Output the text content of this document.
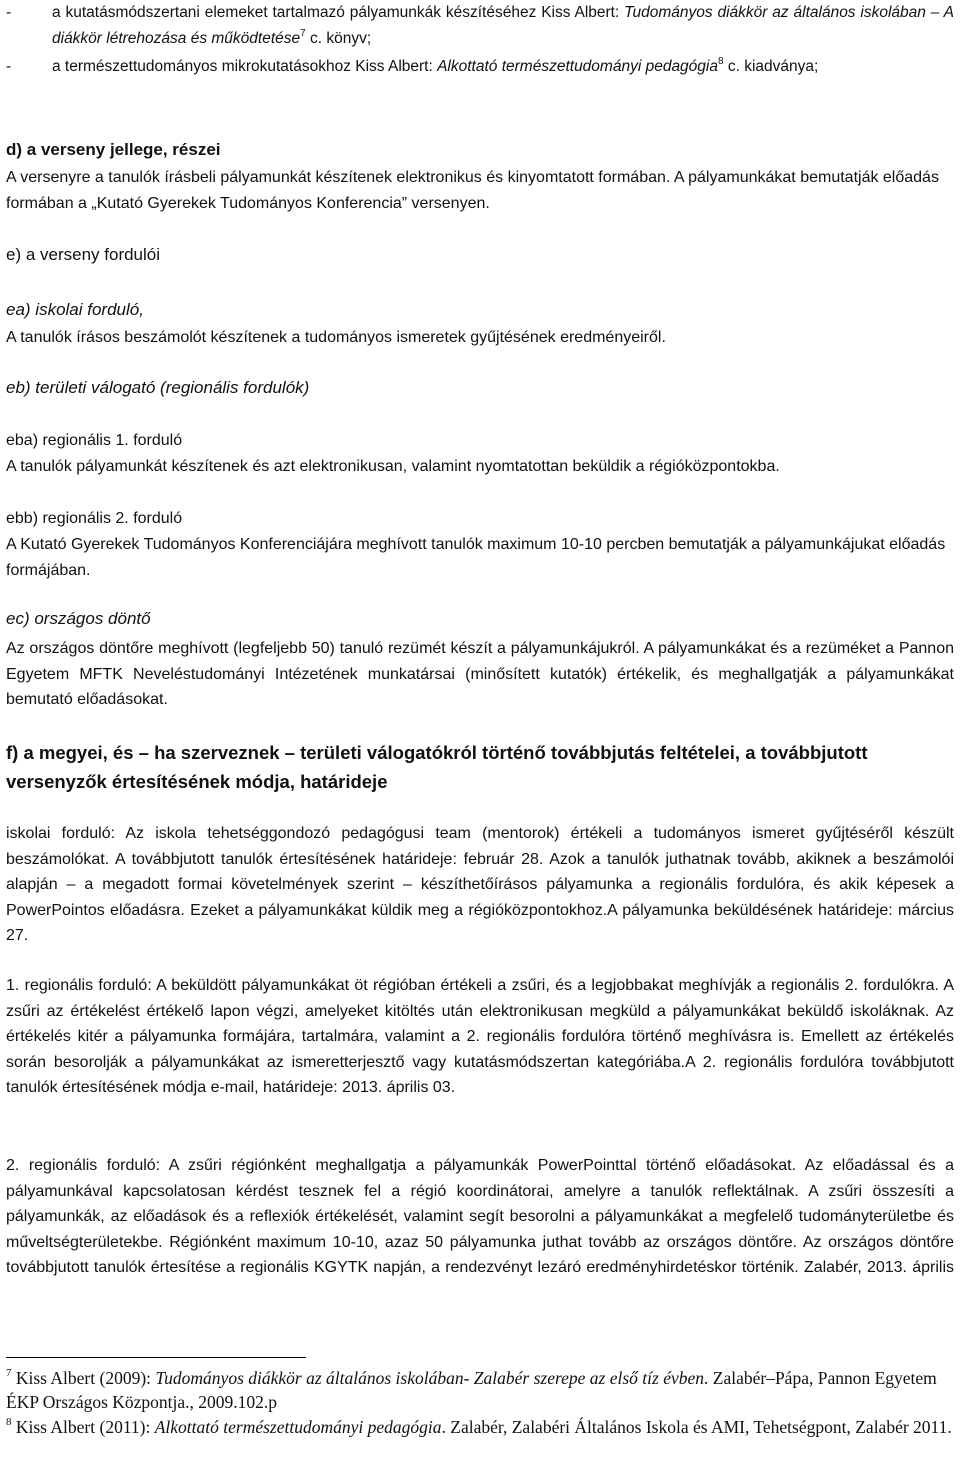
-	a kutatásmódszertani elemeket tartalmazó pályamunkák készítéséhez Kiss Albert: Tudományos diákkör az általános iskolában – A diákkör létrehozása és működtetése$^7$ c. könyv;
-	a természettudományos mikrokutatásokhoz Kiss Albert: Alkottató természettudományi pedagógia$^8$ c. kiadványa;
d) a verseny jellege, részei
A versenyre a tanulók írásbeli pályamunkát készítenek elektronikus és kinyomtatott formában. A pályamunkákat bemutatják előadás formában a „Kutató Gyerekek Tudományos Konferencia” versenyen.
e) a verseny fordulói
ea) iskolai forduló,
A tanulók írásos beszámolót készítenek a tudományos ismeretek gyűjtésének eredményeiről.
eb) területi válogató (regionális fordulók)
eba) regionális 1. forduló
A tanulók pályamunkát készítenek és azt elektronikusan, valamint nyomtatottan beküldik a régióközpontokba.
ebb) regionális 2. forduló
A Kutató Gyerekek Tudományos Konferenciájára meghívott tanulók maximum 10-10 percben bemutatják a pályamunkájukat előadás formájában.
ec) országos döntő
Az országos döntőre meghívott (legfeljebb 50) tanuló rezümét készít a pályamunkájukról. A pályamunkákat és a rezüméket a Pannon Egyetem MFTK Neveléstudományi Intézetének munkatársai (minősített kutatók) értékelik, és meghallgatják a pályamunkákat bemutató előadásokat.
f) a megyei, és – ha szerveznek – területi válogatókról történő továbbjutás feltételei, a továbbjutott versenyzők értesítésének módja, határideje
iskolai forduló: Az iskola tehetséggondozó pedagógusi team (mentorok) értékeli a tudományos ismeret gyűjtéséről készült beszámolókat. A továbbjutott tanulók értesítésének határideje: február 28. Azok a tanulók juthatnak tovább, akiknek a beszámolói alapján – a megadott formai követelmények szerint – készíthetőírásos pályamunka a regionális fordulóra, és akik képesek a PowerPointos előadásra. Ezeket a pályamunkákat küldik meg a régióközpontokhoz.A pályamunka beküldésének határideje: március 27.
1. regionális forduló: A beküldött pályamunkákat öt régióban értékeli a zsűri, és a legjobbakat meghívják a regionális 2. fordulókra. A zsűri az értékelést értékelő lapon végzi, amelyeket kitöltés után elektronikusan megküld a pályamunkákat beküldő iskoláknak. Az értékelés kitér a pályamunka formájára, tartalmára, valamint a 2. regionális fordulóra történő meghívásra is. Emellett az értékelés során besorolják a pályamunkákat az ismeretterjesztő vagy kutatásmódszertan kategóriába.A 2. regionális fordulóra továbbjutott tanulók értesítésének módja e-mail, határideje: 2013. április 03.
2. regionális forduló: A zsűri régiónként meghallgatja a pályamunkák PowerPointtal történő előadásokat. Az előadással és a pályamunkával kapcsolatosan kérdést tesznek fel a régió koordinátorai, amelyre a tanulók reflektálnak. A zsűri összesíti a pályamunkák, az előadások és a reflexiók értékelését, valamint segít besorolni a pályamunkákat a megfelelő tudományterületbe és műveltségterületekbe. Régiónként maximum 10-10, azaz 50 pályamunka juthat tovább az országos döntőre. Az országos döntőre továbbjutott tanulók értesítése a regionális KGYTK napján, a rendezvényt lezáró eredményhirdetéskor történik. Zalabér, 2013. április
$^7$ Kiss Albert (2009): Tudományos diákkör az általános iskolában- Zalabér szerepe az első tíz évben. Zalabér–Pápa, Pannon Egyetem ÉKP Országos Központja., 2009.102.p
$^8$ Kiss Albert (2011): Alkottató természettudományi pedagógia. Zalabér, Zalabéri Általános Iskola és AMI, Tehetségpont, Zalabér 2011.
